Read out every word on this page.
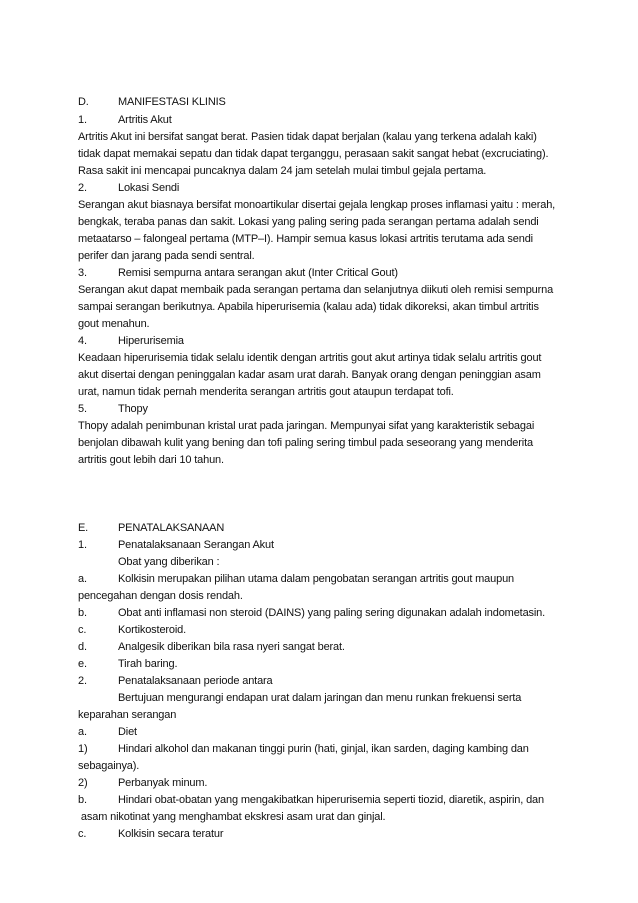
D.	MANIFESTASI KLINIS
1.	Artritis Akut
Artritis Akut ini bersifat sangat berat. Pasien tidak dapat berjalan (kalau yang terkena adalah kaki)
tidak dapat memakai sepatu dan tidak dapat terganggu, perasaan sakit sangat hebat (excruciating).
Rasa sakit ini mencapai puncaknya dalam 24 jam setelah mulai timbul gejala pertama.
2.	Lokasi Sendi
Serangan akut biasnaya bersifat monoartikular disertai gejala lengkap proses inflamasi yaitu : merah,
bengkak, teraba panas dan sakit. Lokasi yang paling sering pada serangan pertama adalah sendi
metaatarso – falongeal pertama (MTP–I). Hampir semua kasus lokasi artritis terutama ada sendi
perifer dan jarang pada sendi sentral.
3.	Remisi sempurna antara serangan akut (Inter Critical Gout)
Serangan akut dapat membaik pada serangan pertama dan selanjutnya diikuti oleh remisi sempurna
sampai serangan berikutnya. Apabila hiperurisemia (kalau ada) tidak dikoreksi, akan timbul artritis
gout menahun.
4.	Hiperurisemia
Keadaan hiperurisemia tidak selalu identik dengan artritis gout akut artinya tidak selalu artritis gout
akut disertai dengan peninggalan kadar asam urat darah. Banyak orang dengan peninggian asam
urat, namun tidak pernah menderita serangan artritis gout ataupun terdapat tofi.
5.	Thopy
Thopy adalah penimbunan kristal urat pada jaringan. Mempunyai sifat yang karakteristik sebagai
benjolan dibawah kulit yang bening dan tofi paling sering timbul pada seseorang yang menderita
artritis gout lebih dari 10 tahun.
E.	PENATALAKSANAAN
1.	Penatalaksanaan Serangan Akut
Obat yang diberikan :
a.	Kolkisin merupakan pilihan utama dalam pengobatan serangan artritis gout maupun
pencegahan dengan dosis rendah.
b.	Obat anti inflamasi non steroid (DAINS) yang paling sering digunakan adalah indometasin.
c.	Kortikosteroid.
d.	Analgesik diberikan bila rasa nyeri sangat berat.
e.	Tirah baring.
2.	Penatalaksanaan periode antara
Bertujuan mengurangi endapan urat dalam jaringan dan menu runkan frekuensi serta
keparahan serangan
a.	Diet
1)	Hindari alkohol dan makanan tinggi purin (hati, ginjal, ikan sarden, daging kambing dan
sebagainya).
2)	Perbanyak minum.
b.	Hindari obat-obatan yang mengakibatkan hiperurisemia seperti tiozid, diaretik, aspirin, dan
asam nikotinat yang menghambat ekskresi asam urat dan ginjal.
c.	Kolkisin secara teratur
